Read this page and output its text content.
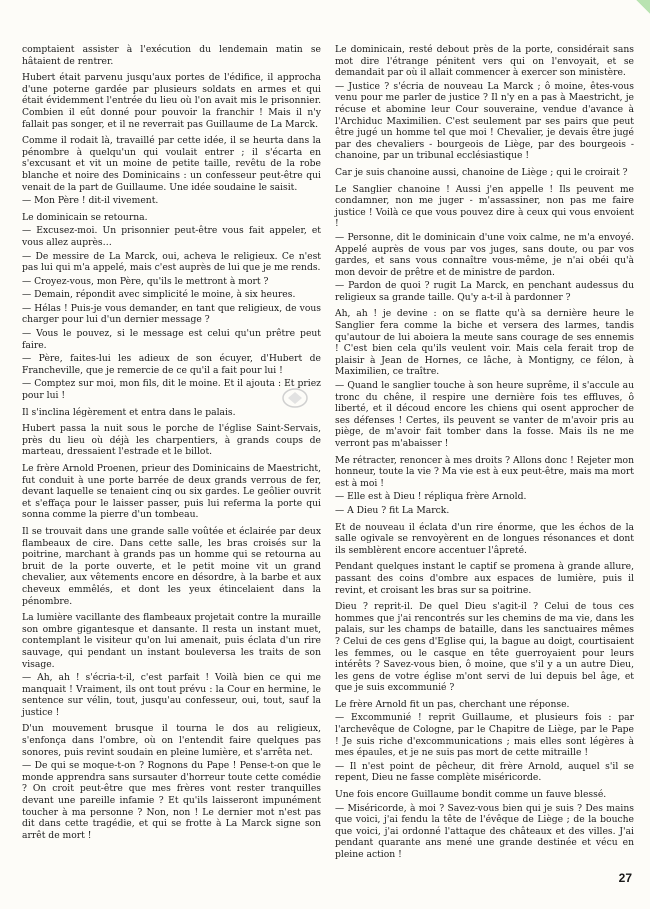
comptaient assister à l'exécution du lendemain matin se hâtaient de rentrer.

Hubert était parvenu jusqu'aux portes de l'édifice, il approcha d'une poterne gardée par plusieurs soldats en armes et qui était évidemment l'entrée du lieu où l'on avait mis le prisonnier. Combien il eût donné pour pouvoir la franchir ! Mais il n'y fallait pas songer, et il ne reverrait pas Guillaume de La Marck.

Comme il rodait là, travaillé par cette idée, il se heurta dans la pénombre à quelqu'un qui voulait entrer ; il s'écarta en s'excusant et vit un moine de petite taille, revêtu de la robe blanche et noire des Dominicains : un confesseur peut-être qui venait de la part de Guillaume. Une idée soudaine le saisit.

— Mon Père ! dit-il vivement.

Le dominicain se retourna.

— Excusez-moi. Un prisonnier peut-être vous fait appeler, et vous allez auprès…

— De messire de La Marck, oui, acheva le religieux. Ce n'est pas lui qui m'a appelé, mais c'est auprès de lui que je me rends.

— Croyez-vous, mon Père, qu'ils le mettront à mort ?

— Demain, répondit avec simplicité le moine, à six heures.

— Hélas ! Puis-je vous demander, en tant que religieux, de vous charger pour lui d'un dernier message ?

— Vous le pouvez, si le message est celui qu'un prêtre peut faire.

— Père, faites-lui les adieux de son écuyer, d'Hubert de Francheville, que je remercie de ce qu'il a fait pour lui !

— Comptez sur moi, mon fils, dit le moine. Et il ajouta : Et priez pour lui !

Il s'inclina légèrement et entra dans le palais.

Hubert passa la nuit sous le porche de l'église Saint-Servais, près du lieu où déjà les charpentiers, à grands coups de marteau, dressaient l'estrade et le billot.

Le frère Arnold Proenen, prieur des Dominicains de Maestricht, fut conduit à une porte barrée de deux grands verrous de fer, devant laquelle se tenaient cinq ou six gardes. Le geôlier ouvrit et s'effaça pour le laisser passer, puis lui referma la porte qui sonna comme la pierre d'un tombeau.

Il se trouvait dans une grande salle voûtée et éclairée par deux flambeaux de cire. Dans cette salle, les bras croisés sur la poitrine, marchant à grands pas un homme qui se retourna au bruit de la porte ouverte, et le petit moine vit un grand chevalier, aux vêtements encore en désordre, à la barbe et aux cheveux emmêlés, et dont les yeux étincelaient dans la pénombre.

La lumière vacillante des flambeaux projetait contre la muraille son ombre gigantesque et dansante. Il resta un instant muet, contemplant le visiteur qu'on lui amenait, puis éclata d'un rire sauvage, qui pendant un instant bouleversa les traits de son visage.

— Ah, ah ! s'écria-t-il, c'est parfait ! Voilà bien ce qui me manquait ! Vraiment, ils ont tout prévu : la Cour en hermine, le sentence sur vélin, tout, jusqu'au confesseur, oui, tout, sauf la justice !

D'un mouvement brusque il tourna le dos au religieux, s'enfonça dans l'ombre, où on l'entendit faire quelques pas sonores, puis revint soudain en pleine lumière, et s'arrêta net.

— De qui se moque-t-on ? Rognons du Pape ! Pense-t-on que le monde apprendra sans sursauter d'horreur toute cette comédie ? On croit peut-être que mes frères vont rester tranquilles devant une pareille infamie ? Et qu'ils laisseront impunément toucher à ma personne ? Non, non ! Le dernier mot n'est pas dit dans cette tragédie, et qui se frotte à La Marck signe son arrêt de mort !

Le dominicain, resté debout près de la porte, considérait sans mot dire l'étrange pénitent vers qui on l'envoyait, et se demandait par où il allait commencer à exercer son ministère.

— Justice ? s'écria de nouveau La Marck ; ô moine, êtes-vous venu pour me parler de justice ? Il n'y en a pas à Maestricht, je récuse et abomine leur Cour souveraine, vendue d'avance à l'Archiduc Maximilien. C'est seulement par ses pairs que peut être jugé un homme tel que moi ! Chevalier, je devais être jugé par des chevaliers - bourgeois de Liège, par des bourgeois - chanoine, par un tribunal ecclésiastique !

Car je suis chanoine aussi, chanoine de Liège ; qui le croirait ?

Le Sanglier chanoine ! Aussi j'en appelle ! Ils peuvent me condamner, non me juger - m'assassiner, non pas me faire justice ! Voilà ce que vous pouvez dire à ceux qui vous envoient !

— Personne, dit le dominicain d'une voix calme, ne m'a envoyé. Appelé auprès de vous par vos juges, sans doute, ou par vos gardes, et sans vous connaître vous-même, je n'ai obéi qu'à mon devoir de prêtre et de ministre de pardon.

— Pardon de quoi ? rugit La Marck, en penchant audessus du religieux sa grande taille. Qu'y a-t-il à pardonner ?

Ah, ah ! je devine : on se flatte qu'à sa dernière heure le Sanglier fera comme la biche et versera des larmes, tandis qu'autour de lui aboiera la meute sans courage de ses ennemis ! C'est bien cela qu'ils veulent voir. Mais cela ferait trop de plaisir à Jean de Hornes, ce lâche, à Montigny, ce félon, à Maximilien, ce traître.

— Quand le sanglier touche à son heure suprême, il s'accule au tronc du chêne, il respire une dernière fois tes effluves, ô liberté, et il découd encore les chiens qui osent approcher de ses défenses ! Certes, ils peuvent se vanter de m'avoir pris au piège, de m'avoir fait tomber dans la fosse. Mais ils ne me verront pas m'abaisser !

Me rétracter, renoncer à mes droits ? Allons donc ! Rejeter mon honneur, toute la vie ? Ma vie est à eux peut-être, mais ma mort est à moi !

— Elle est à Dieu ! répliqua frère Arnold.

— A Dieu ? fit La Marck.

Et de nouveau il éclata d'un rire énorme, que les échos de la salle ogivale se renvoyèrent en de longues résonances et dont ils semblèrent encore accentuer l'âpreté.

Pendant quelques instant le captif se promena à grande allure, passant des coins d'ombre aux espaces de lumière, puis il revint, et croisant les bras sur sa poitrine.

Dieu ? reprit-il. De quel Dieu s'agit-il ? Celui de tous ces hommes que j'ai rencontrés sur les chemins de ma vie, dans les palais, sur les champs de bataille, dans les sanctuaires mêmes ? Celui de ces gens d'Eglise qui, la bague au doigt, courtisaient les femmes, ou le casque en tête guerroyaient pour leurs intérêts ? Savez-vous bien, ô moine, que s'il y a un autre Dieu, les gens de votre église m'ont servi de lui depuis bel âge, et que je suis excommunié ?

Le frère Arnold fit un pas, cherchant une réponse.

— Excommunié ! reprit Guillaume, et plusieurs fois : par l'archevêque de Cologne, par le Chapitre de Liège, par le Pape ! Je suis riche d'excommunications ; mais elles sont légères à mes épaules, et je ne suis pas mort de cette mitraille !

— Il n'est point de pêcheur, dit frère Arnold, auquel s'il se repent, Dieu ne fasse complète miséricorde.

Une fois encore Guillaume bondit comme un fauve blessé.

— Miséricorde, à moi ? Savez-vous bien qui je suis ? Des mains que voici, j'ai fendu la tête de l'évêque de Liège ; de la bouche que voici, j'ai ordonné l'attaque des châteaux et des villes. J'ai pendant quarante ans mené une grande destinée et vécu en pleine action !

27
